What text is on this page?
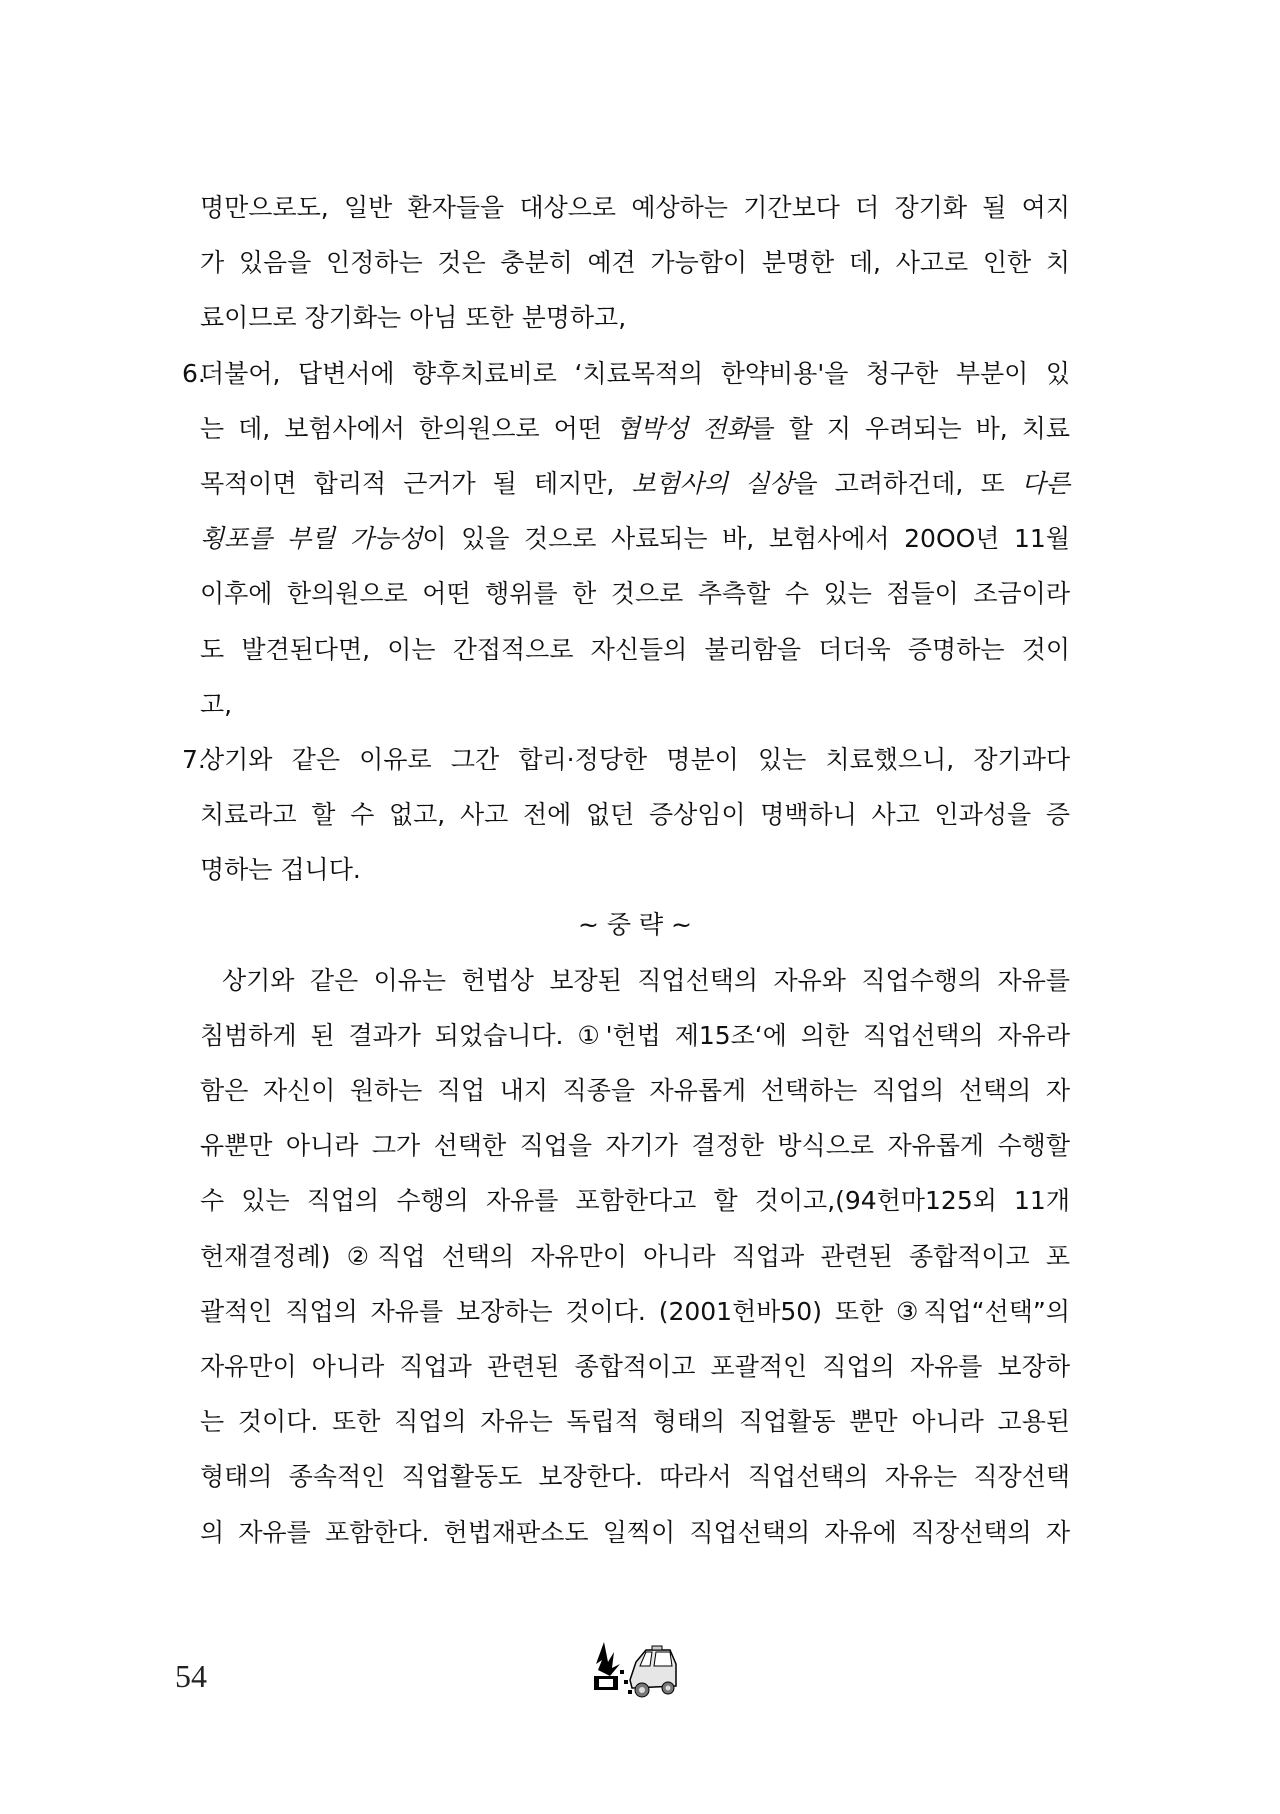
명만으로도, 일반 환자들을 대상으로 예상하는 기간보다 더 장기화 될 여지
가 있음을 인정하는 것은 충분히 예견 가능함이 분명한 데, 사고로 인한 치
료이므로 장기화는 아님 또한 분명하고,
6.
더불어, 답변서에 향후치료비로 ‘치료목적의 한약비용'을 청구한 부분이 있
는 데, 보험사에서 한의원으로 어떤 협박성 전화를 할 지 우려되는 바, 치료
목적이면 합리적 근거가 될 테지만, 보험사의 실상을 고려하건데, 또 다른
횡포를 부릴 가능성이 있을 것으로 사료되는 바, 보험사에서 20OO년 11월
이후에 한의원으로 어떤 행위를 한 것으로 추측할 수 있는 점들이 조금이라
도 발견된다면, 이는 간접적으로 자신들의 불리함을 더더욱 증명하는 것이
고,
7.
상기와 같은 이유로 그간 합리·정당한 명분이 있는 치료했으니, 장기과다
치료라고 할 수 없고, 사고 전에 없던 증상임이 명백하니 사고 인과성을 증
명하는 겁니다.
~ 중 략 ~
상기와 같은 이유는 헌법상 보장된 직업선택의 자유와 직업수행의 자유를
침범하게 된 결과가 되었습니다. ①'헌법 제15조‘에 의한 직업선택의 자유라
함은 자신이 원하는 직업 내지 직종을 자유롭게 선택하는 직업의 선택의 자
유뿐만 아니라 그가 선택한 직업을 자기가 결정한 방식으로 자유롭게 수행할
수 있는 직업의 수행의 자유를 포함한다고 할 것이고,(94헌마125외 11개
헌재결정례) ②직업 선택의 자유만이 아니라 직업과 관련된 종합적이고 포
괄적인 직업의 자유를 보장하는 것이다. (2001헌바50) 또한 ③직업“선택”의
자유만이 아니라 직업과 관련된 종합적이고 포괄적인 직업의 자유를 보장하
는 것이다. 또한 직업의 자유는 독립적 형태의 직업활동 뿐만 아니라 고용된
형태의 종속적인 직업활동도 보장한다. 따라서 직업선택의 자유는 직장선택
의 자유를 포함한다. 헌법재판소도 일찍이 직업선택의 자유에 직장선택의 자
54
